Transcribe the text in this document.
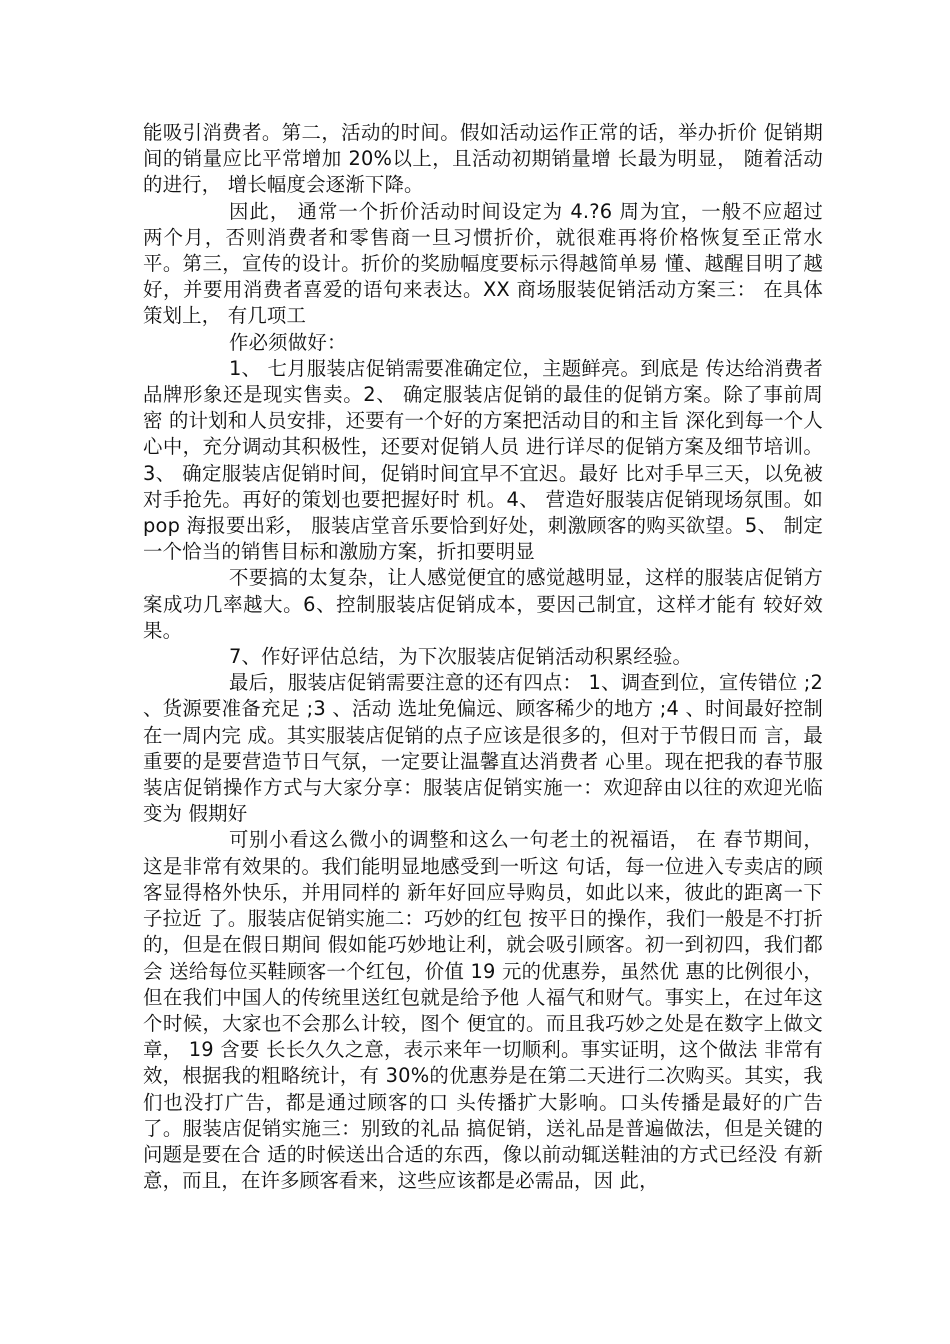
能吸引消费者。第二，活动的时间。假如活动运作正常的话，举办折价 促销期间的销量应比平常增加 20%以上，且活动初期销量增 长最为明显， 随着活动的进行， 增长幅度会逐渐下降。

因此， 通常一个折价活动时间设定为 4.?6 周为宜，一般不应超过 两个月，否则消费者和零售商一旦习惯折价，就很难再将价格恢复至正常水平。第三，宣传的设计。折价的奖励幅度要标示得越简单易 懂、越醒目明了越好，并要用消费者喜爱的语句来表达。XX 商场服装促销活动方案三： 在具体策划上， 有几项工

作必须做好：

1、 七月服装店促销需要准确定位，主题鲜亮。到底是 传达给消费者品牌形象还是现实售卖。2、 确定服装店促销的最佳的促销方案。除了事前周密 的计划和人员安排，还要有一个好的方案把活动目的和主旨 深化到每一个人心中，充分调动其积极性，还要对促销人员 进行详尽的促销方案及细节培训。3、 确定服装店促销时间，促销时间宜早不宜迟。最好 比对手早三天，以免被对手抢先。再好的策划也要把握好时 机。4、 营造好服装店促销现场氛围。如 pop 海报要出彩， 服装店堂音乐要恰到好处，刺激顾客的购买欲望。5、 制定一个恰当的销售目标和激励方案，折扣要明显

不要搞的太复杂，让人感觉便宜的感觉越明显，这样的服装店促销方案成功几率越大。6、控制服装店促销成本，要因己制宜，这样才能有 较好效果。

7、作好评估总结，为下次服装店促销活动积累经验。

最后，服装店促销需要注意的还有四点： 1、调查到位，宣传错位 ;2 、货源要准备充足 ;3 、活动 选址免偏远、顾客稀少的地方 ;4 、时间最好控制在一周内完 成。其实服装店促销的点子应该是很多的，但对于节假日而 言，最重要的是要营造节日气氛，一定要让温馨直达消费者 心里。现在把我的春节服装店促销操作方式与大家分享：服装店促销实施一：欢迎辞由以往的欢迎光临变为 假期好

可别小看这么微小的调整和这么一句老土的祝福语， 在 春节期间，这是非常有效果的。我们能明显地感受到一听这 句话，每一位进入专卖店的顾客显得格外快乐，并用同样的 新年好回应导购员，如此以来，彼此的距离一下子拉近 了。服装店促销实施二：巧妙的红包 按平日的操作，我们一般是不打折的，但是在假日期间 假如能巧妙地让利，就会吸引顾客。初一到初四，我们都会 送给每位买鞋顾客一个红包，价值 19 元的优惠券，虽然优 惠的比例很小，但在我们中国人的传统里送红包就是给予他 人福气和财气。事实上，在过年这个时候，大家也不会那么计较，图个 便宜的。而且我巧妙之处是在数字上做文章， 19 含要 长长久久之意，表示来年一切顺利。事实证明，这个做法 非常有效，根据我的粗略统计，有 30%的优惠券是在第二天进行二次购买。其实，我们也没打广告，都是通过顾客的口 头传播扩大影响。口头传播是最好的广告了。服装店促销实施三：别致的礼品 搞促销，送礼品是普遍做法，但是关键的问题是要在合 适的时候送出合适的东西，像以前动辄送鞋油的方式已经没 有新意，而且，在许多顾客看来，这些应该都是必需品，因 此，
